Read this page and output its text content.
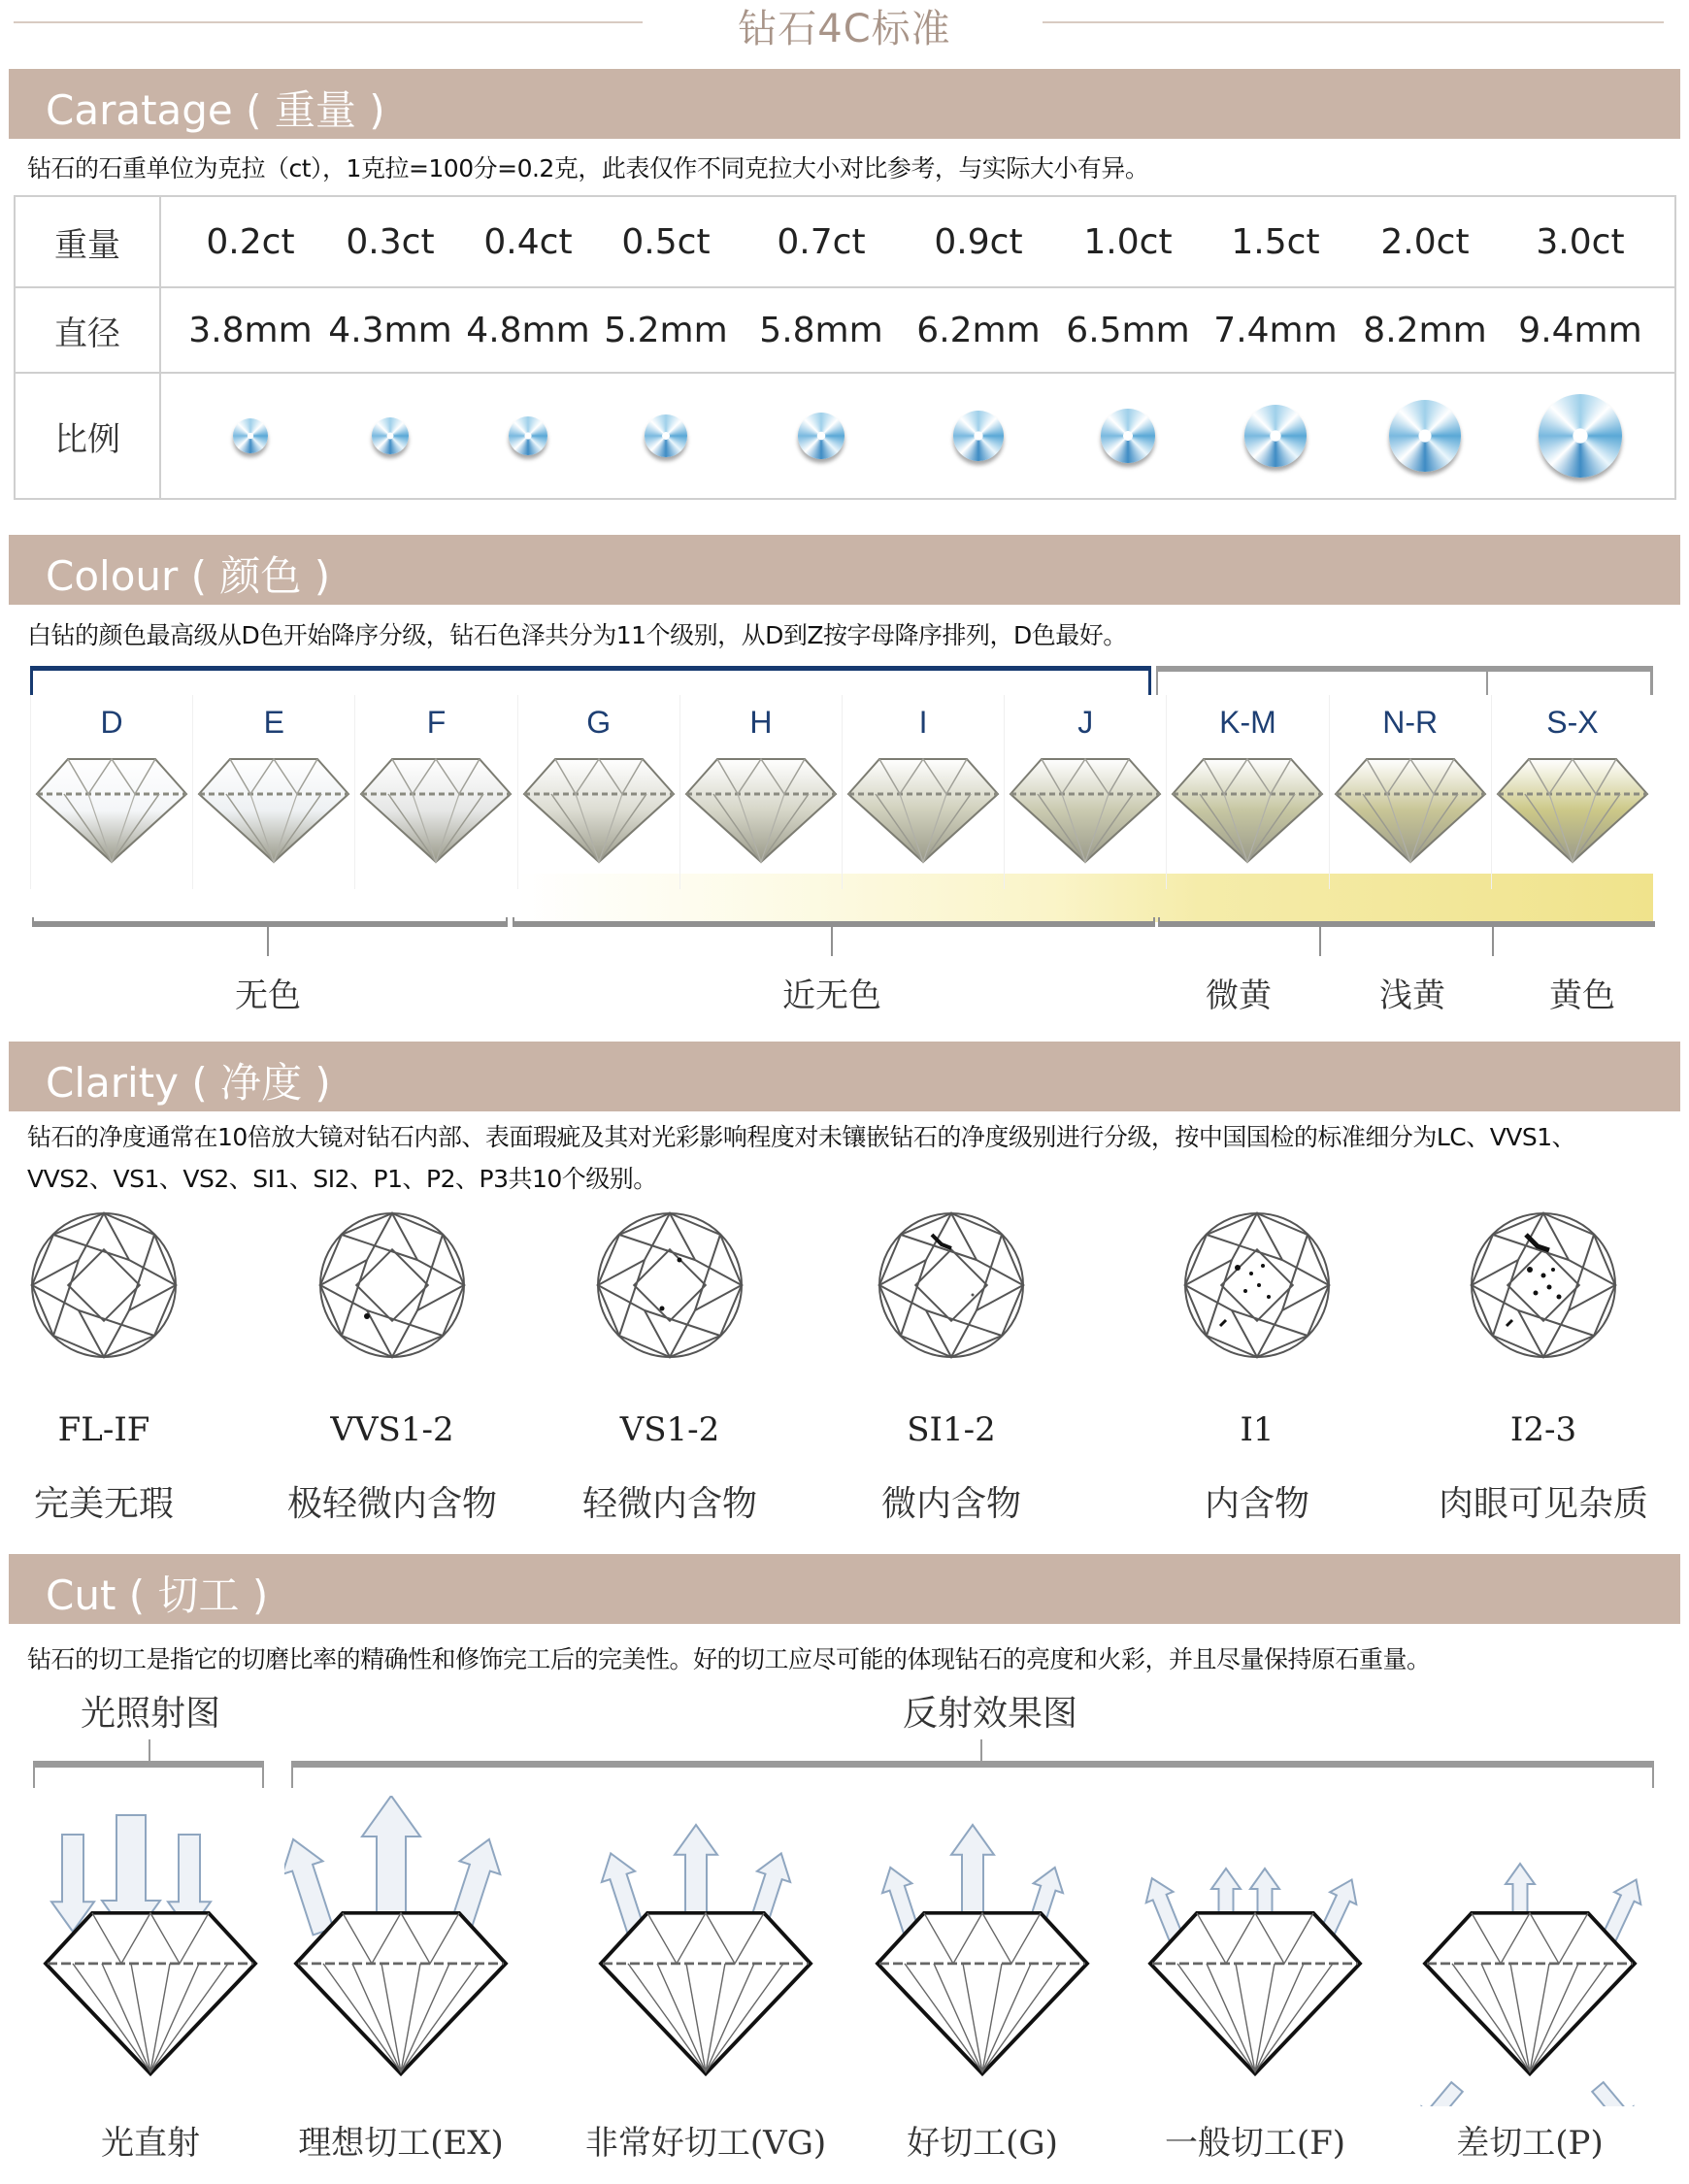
钻石4C标准
Caratage ( 重量 )
钻石的石重单位为克拉（ct），1克拉=100分=0.2克，此表仅作不同克拉大小对比参考，与实际大小有异。
重量	0.2ct	0.3ct	0.4ct	0.5ct	0.7ct	0.9ct	1.0ct	1.5ct	2.0ct	3.0ct
直径	3.8mm 4.3mm 4.8mm 5.2mm 5.8mm 6.2mm 6.5mm 7.4mm 8.2mm 9.4mm
比例
Colour ( 颜色 )
白钻的颜色最高级从D色开始降序分级，钻石色泽共分为11个级别，从D到Z按字母降序排列，D色最好。
D	E	F	G	H	I	J	K-M	N-R	S-X
无色	近无色	微黄	浅黄	黄色
Clarity ( 净度 )
钻石的净度通常在10倍放大镜对钻石内部、表面瑕疵及其对光彩影响程度对未镶嵌钻石的净度级别进行分级，按中国国检的标准细分为LC、VVS1、
VVS2、VS1、VS2、SI1、SI2、P1、P2、P3共10个级别。
FL-IF
完美无瑕
VVS1-2
极轻微内含物
VS1-2
轻微内含物
SI1-2
微内含物
I1
内含物
I2-3
肉眼可见杂质
Cut ( 切工 )
钻石的切工是指它的切磨比率的精确性和修饰完工后的完美性。好的切工应尽可能的体现钻石的亮度和火彩，并且尽量保持原石重量。
光照射图	反射效果图
光直射	理想切工(EX) 非常好切工(VG) 好切工(G)	一般切工(F)	差切工(P)
